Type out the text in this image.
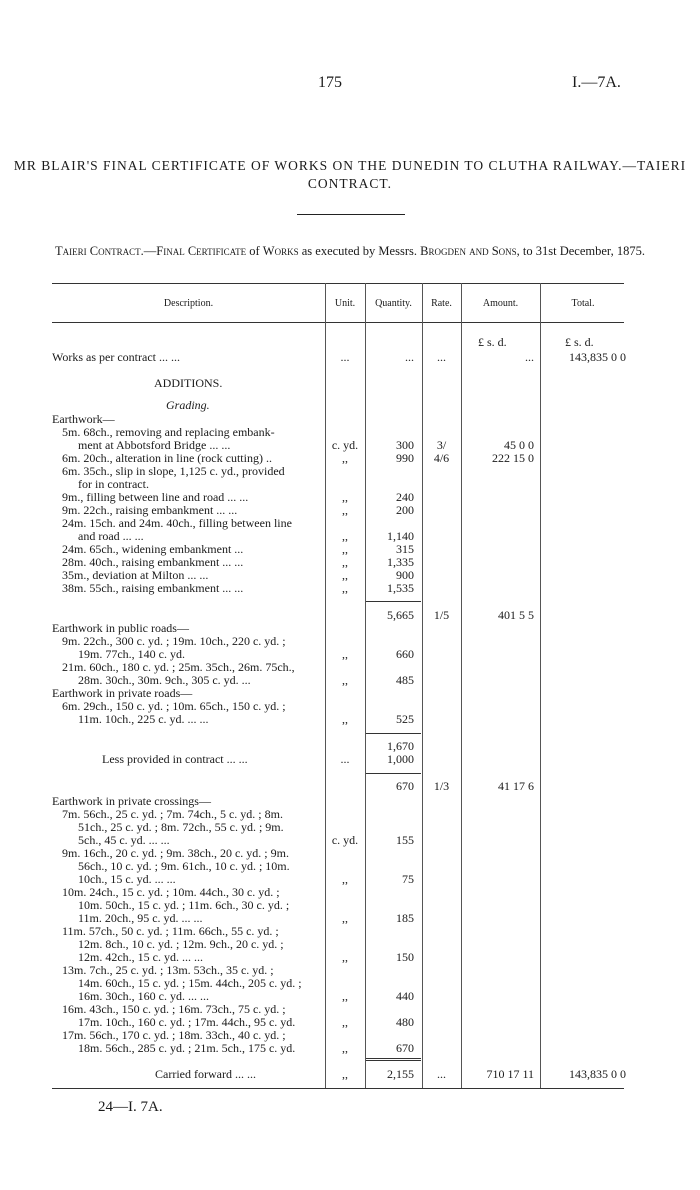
175	I.—7A.
MR BLAIR'S FINAL CERTIFICATE OF WORKS ON THE DUNEDIN TO CLUTHA RAILWAY.—TAIERI CONTRACT.
Taieri Contract.—Final Certificate of Works as executed by Messrs. Brogden and Sons, to 31st December, 1875.
Description.	Unit.	Quantity.	Rate.	Amount.	Total.
£ s. d.	£ s. d.
Works as per contract ... ...	...	...	...	...	143,835 0 0
ADDITIONS.
Grading.
Earthwork—
5m. 68ch., removing and replacing embank-
ment at Abbotsford Bridge ... ...	c. yd.	300	3/	45 0 0
6m. 20ch., alteration in line (rock cutting) ..	,,	990	4/6	222 15 0
6m. 35ch., slip in slope, 1,125 c. yd., provided
for in contract.
9m., filling between line and road ... ...	,,	240
9m. 22ch., raising embankment ... ...	,,	200
24m. 15ch. and 24m. 40ch., filling between line
and road ... ...	,,	1,140
24m. 65ch., widening embankment ...	,,	315
28m. 40ch., raising embankment ... ...	,,	1,335
35m., deviation at Milton ... ...	,,	900
38m. 55ch., raising embankment ... ...	,,	1,535
5,665	1/5	401 5 5
Earthwork in public roads—
9m. 22ch., 300 c. yd. ; 19m. 10ch., 220 c. yd. ;
19m. 77ch., 140 c. yd.	,,	660
21m. 60ch., 180 c. yd. ; 25m. 35ch., 26m. 75ch.,
28m. 30ch., 30m. 9ch., 305 c. yd. ...	,,	485
Earthwork in private roads—
6m. 29ch., 150 c. yd. ; 10m. 65ch., 150 c. yd. ;
11m. 10ch., 225 c. yd. ... ...	,,	525
1,670
Less provided in contract ... ...	...	1,000
670	1/3	41 17 6
Earthwork in private crossings—
7m. 56ch., 25 c. yd. ; 7m. 74ch., 5 c. yd. ; 8m.
51ch., 25 c. yd. ; 8m. 72ch., 55 c. yd. ; 9m.
5ch., 45 c. yd. ... ...	c. yd.	155
9m. 16ch., 20 c. yd. ; 9m. 38ch., 20 c. yd. ; 9m.
56ch., 10 c. yd. ; 9m. 61ch., 10 c. yd. ; 10m.
10ch., 15 c. yd. ... ...	,,	75
10m. 24ch., 15 c. yd. ; 10m. 44ch., 30 c. yd. ;
10m. 50ch., 15 c. yd. ; 11m. 6ch., 30 c. yd. ;
11m. 20ch., 95 c. yd. ... ...	,,	185
11m. 57ch., 50 c. yd. ; 11m. 66ch., 55 c. yd. ;
12m. 8ch., 10 c. yd. ; 12m. 9ch., 20 c. yd. ;
12m. 42ch., 15 c. yd. ... ...	,,	150
13m. 7ch., 25 c. yd. ; 13m. 53ch., 35 c. yd. ;
14m. 60ch., 15 c. yd. ; 15m. 44ch., 205 c. yd. ;
16m. 30ch., 160 c. yd. ... ...	,,	440
16m. 43ch., 150 c. yd. ; 16m. 73ch., 75 c. yd. ;
17m. 10ch., 160 c. yd. ; 17m. 44ch., 95 c. yd.	,,	480
17m. 56ch., 170 c. yd. ; 18m. 33ch., 40 c. yd. ;
18m. 56ch., 285 c. yd. ; 21m. 5ch., 175 c. yd.	,,	670
Carried forward ... ...	,,	2,155	...	710 17 11	143,835 0 0
24—I. 7A.
